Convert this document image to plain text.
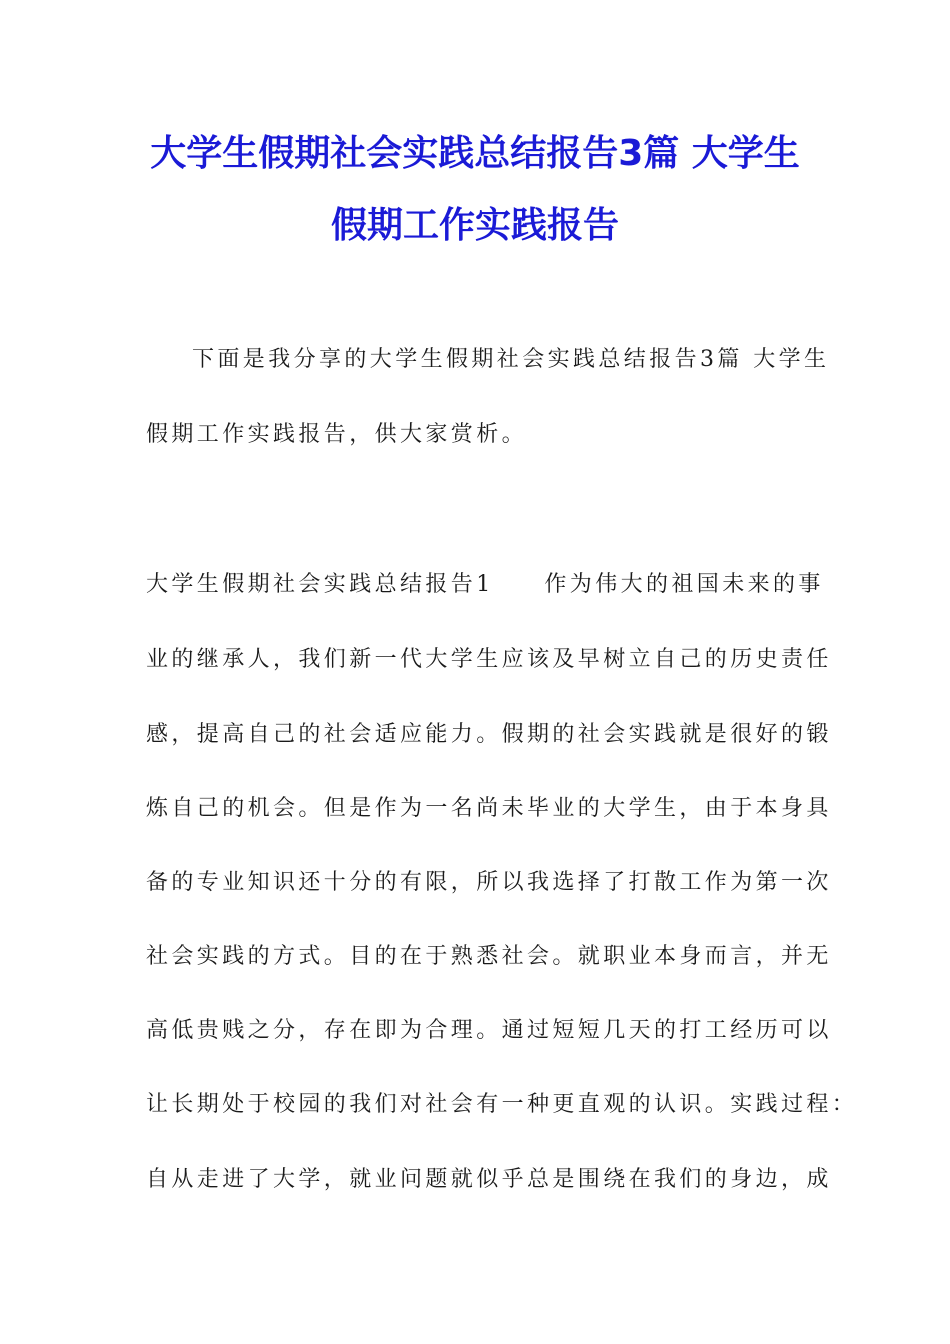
大学生假期社会实践总结报告3篇 大学生
假期工作实践报告
下面是我分享的大学生假期社会实践总结报告3篇 大学生
假期工作实践报告，供大家赏析。
大学生假期社会实践总结报告1　　作为伟大的祖国未来的事
业的继承人，我们新一代大学生应该及早树立自己的历史责任
感，提高自己的社会适应能力。假期的社会实践就是很好的锻
炼自己的机会。但是作为一名尚未毕业的大学生，由于本身具
备的专业知识还十分的有限，所以我选择了打散工作为第一次
社会实践的方式。目的在于熟悉社会。就职业本身而言，并无
高低贵贱之分，存在即为合理。通过短短几天的打工经历可以
让长期处于校园的我们对社会有一种更直观的认识。实践过程：
自从走进了大学，就业问题就似乎总是围绕在我们的身边，成
